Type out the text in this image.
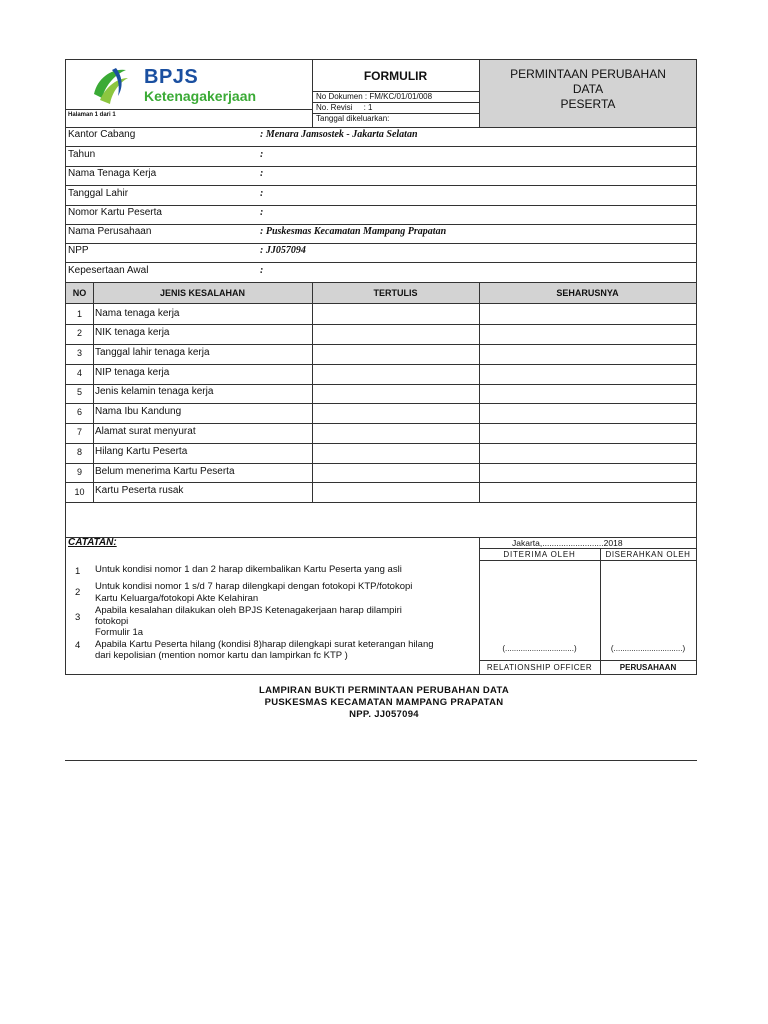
BPJS
Ketenagakerjaan
Halaman 1 dari 1
FORMULIR
No Dokumen : FM/KC/01/01/008
No. Revisi     : 1
Tanggal dikeluarkan:
PERMINTAAN PERUBAHAN
DATA
PESERTA
Kantor Cabang	: Menara Jamsostek - Jakarta Selatan
Tahun	:
Nama Tenaga Kerja	:
Tanggal Lahir	:
Nomor Kartu Peserta	:
Nama Perusahaan	: Puskesmas Kecamatan Mampang Prapatan
NPP	: JJ057094
Kepesertaan Awal	:
NO	JENIS KESALAHAN	TERTULIS	SEHARUSNYA
1	Nama tenaga kerja
2	NIK tenaga kerja
3	Tanggal lahir tenaga kerja
4	NIP tenaga kerja
5	Jenis kelamin tenaga kerja
6	Nama Ibu Kandung
7	Alamat surat menyurat
8	Hilang Kartu Peserta
9	Belum menerima Kartu Peserta
10	Kartu Peserta rusak
CATATAN:
1 Untuk kondisi nomor 1 dan 2 harap dikembalikan Kartu Peserta yang asli
2
Untuk kondisi nomor 1 s/d 7 harap dilengkapi dengan fotokopi KTP/fotokopi
Kartu Keluarga/fotokopi Akte Kelahiran
3
Apabila kesalahan dilakukan oleh BPJS Ketenagakerjaan harap dilampiri
fotokopi
Formulir 1a
4 Apabila Kartu Peserta hilang (kondisi 8)harap dilengkapi surat keterangan hilang
dari kepolisian (mention nomor kartu dan lampirkan fc KTP )
Jakarta,..........................2018
DITERIMA OLEH	DISERAHKAN OLEH
(...............................)	(...............................)
RELATIONSHIP OFFICER	PERUSAHAAN
LAMPIRAN BUKTI PERMINTAAN PERUBAHAN DATA
PUSKESMAS KECAMATAN MAMPANG PRAPATAN
NPP. JJ057094
